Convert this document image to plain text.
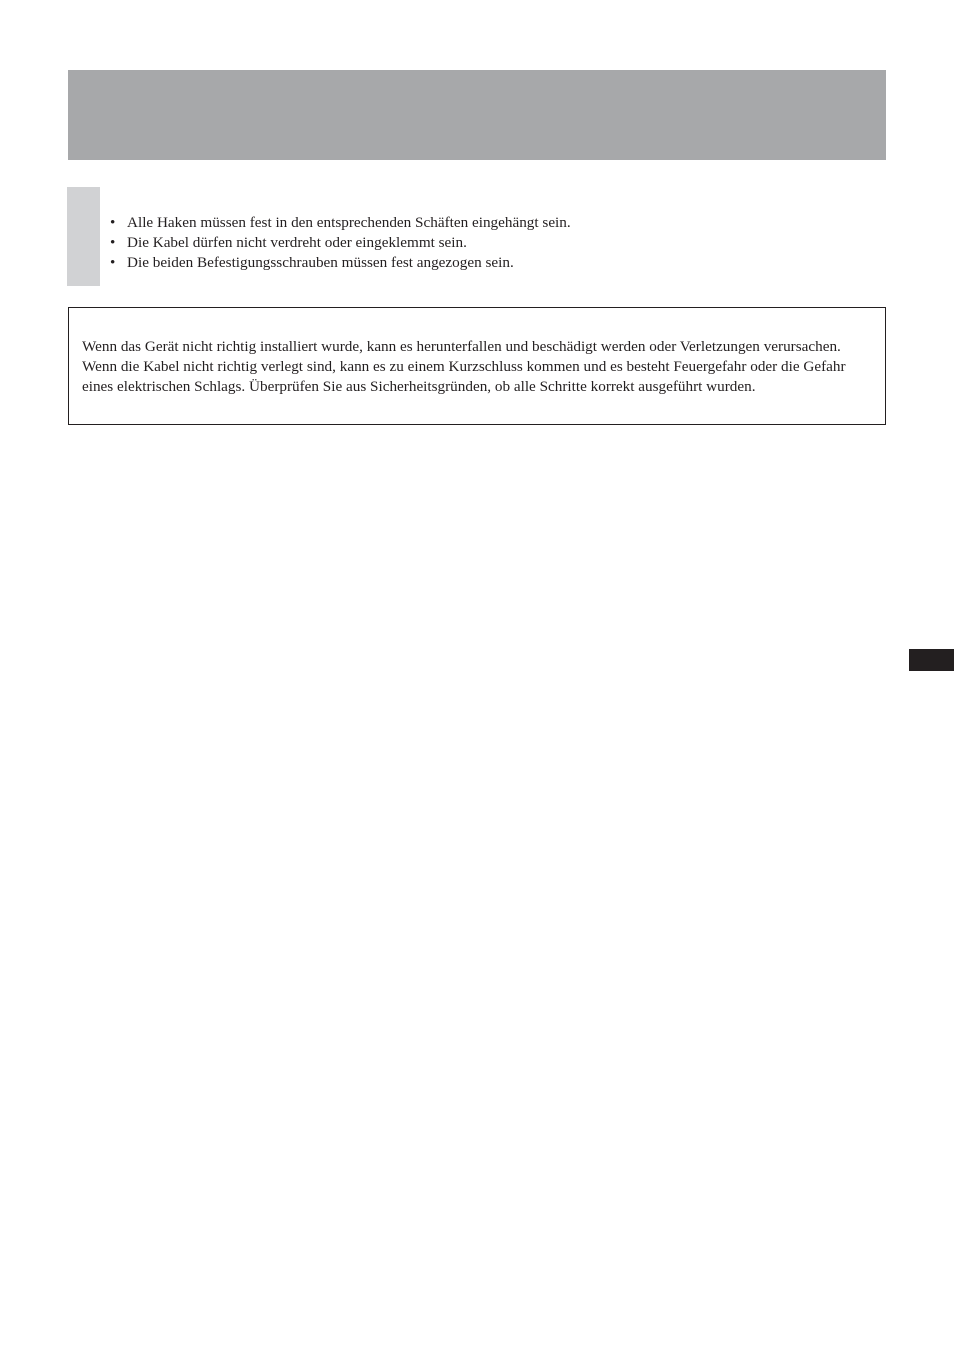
• Alle Haken müssen fest in den entsprechenden Schäften eingehängt sein.
• Die Kabel dürfen nicht verdreht oder eingeklemmt sein.
• Die beiden Befestigungsschrauben müssen fest angezogen sein.

Wenn das Gerät nicht richtig installiert wurde, kann es herunterfallen und beschädigt werden oder Verletzungen verursachen. Wenn die Kabel nicht richtig verlegt sind, kann es zu einem Kurzschluss kommen und es besteht Feuergefahr oder die Gefahr eines elektrischen Schlags. Überprüfen Sie aus Sicherheitsgründen, ob alle Schritte korrekt ausgeführt wurden.
